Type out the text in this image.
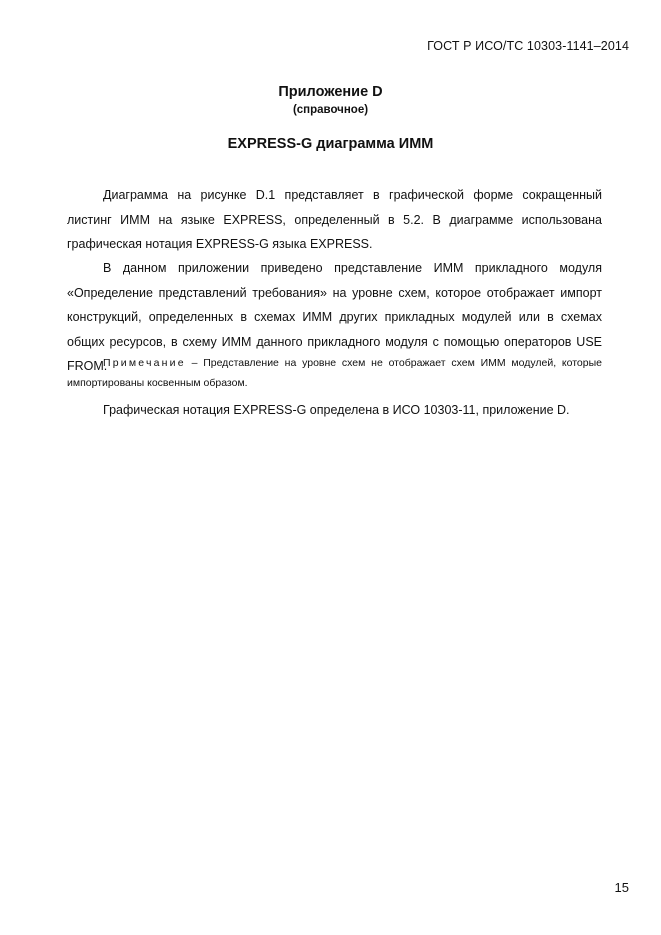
ГОСТ Р ИСО/ТС 10303-1141–2014
Приложение D
(справочное)
EXPRESS-G диаграмма ИММ

Диаграмма на рисунке D.1 представляет в графической форме сокращенный листинг ИММ на языке EXPRESS, определенный в 5.2. В диаграмме использована графическая нотация EXPRESS-G языка EXPRESS.

В данном приложении приведено представление ИММ прикладного модуля «Определение представлений требования» на уровне схем, которое отображает импорт конструкций, определенных в схемах ИММ других прикладных модулей или в схемах общих ресурсов, в схему ИММ данного прикладного модуля с помощью операторов USE FROM.

Примечание – Представление на уровне схем не отображает схем ИММ модулей, которые импортированы косвенным образом.

Графическая нотация EXPRESS-G определена в ИСО 10303-11, приложение D.

15
